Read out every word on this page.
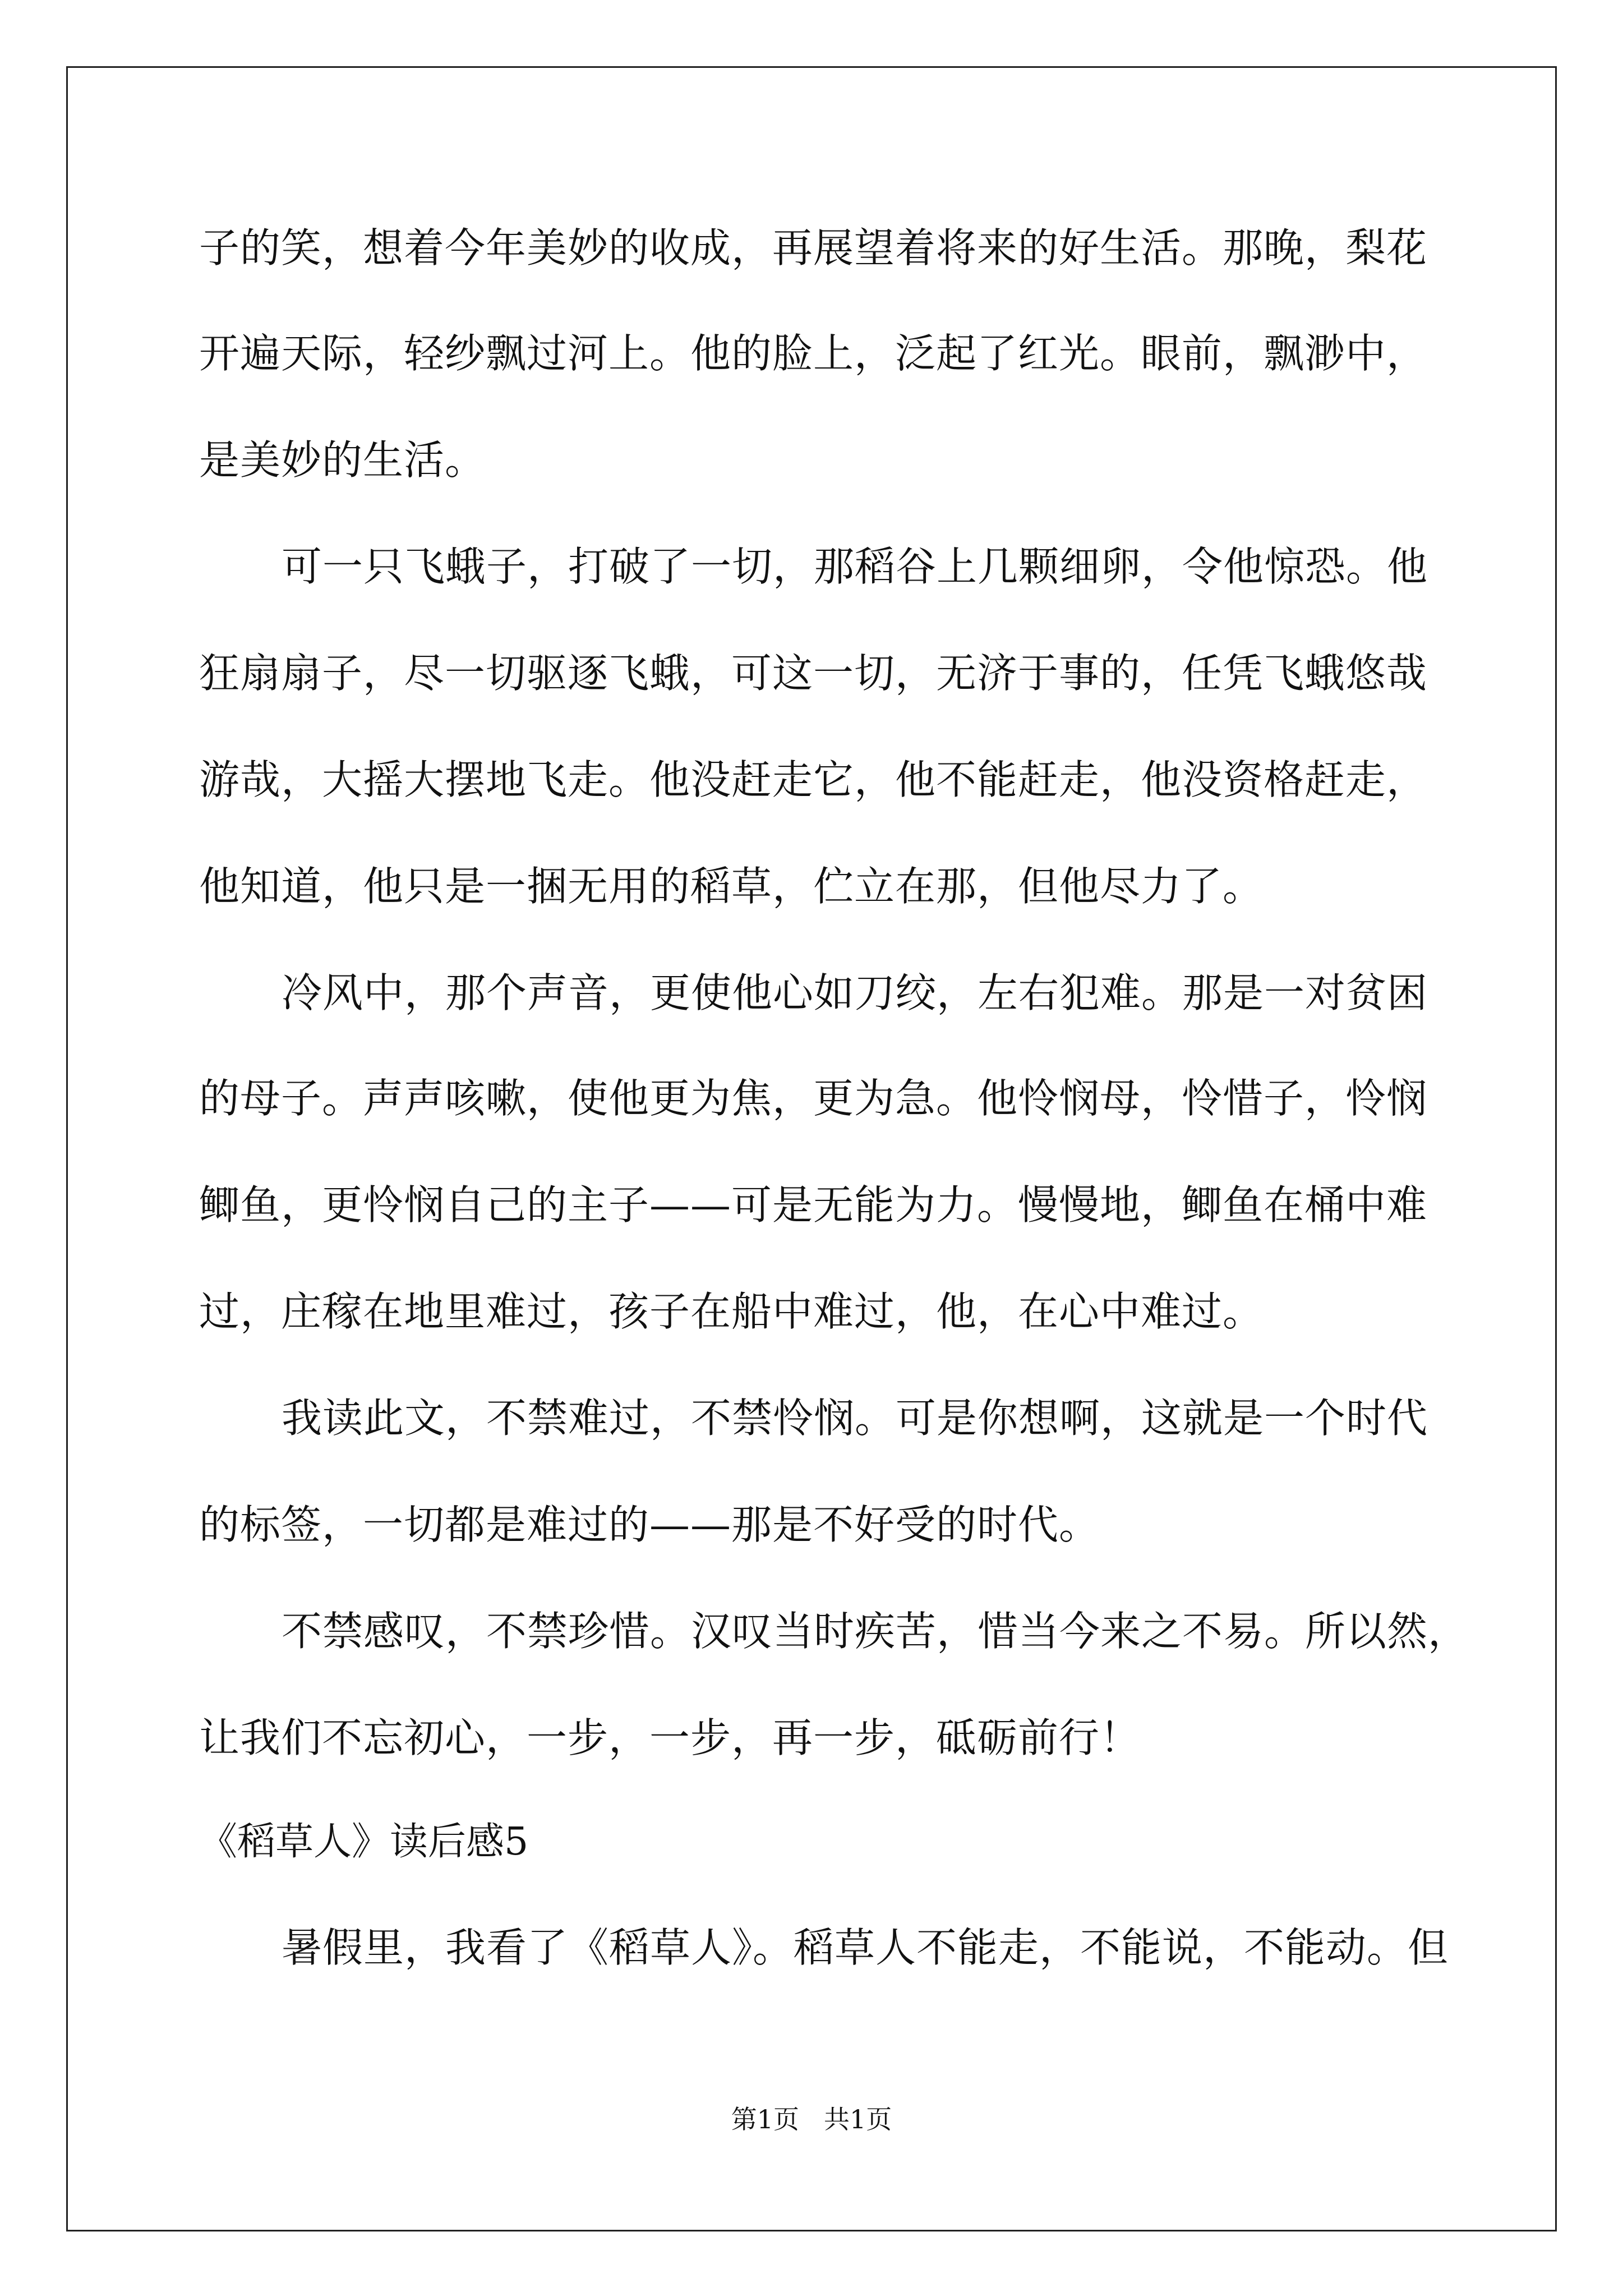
子的笑，想着今年美妙的收成，再展望着将来的好生活。那晚，梨花
开遍天际，轻纱飘过河上。他的脸上，泛起了红光。眼前，飘渺中，
是美妙的生活。
可一只飞蛾子，打破了一切，那稻谷上几颗细卵，令他惊恐。他
狂扇扇子，尽一切驱逐飞蛾，可这一切，无济于事的，任凭飞蛾悠哉
游哉，大摇大摆地飞走。他没赶走它，他不能赶走，他没资格赶走，
他知道，他只是一捆无用的稻草，伫立在那，但他尽力了。
冷风中，那个声音，更使他心如刀绞，左右犯难。那是一对贫困
的母子。声声咳嗽，使他更为焦，更为急。他怜悯母，怜惜子，怜悯
鲫鱼，更怜悯自己的主子——可是无能为力。慢慢地，鲫鱼在桶中难
过，庄稼在地里难过，孩子在船中难过，他，在心中难过。
我读此文，不禁难过，不禁怜悯。可是你想啊，这就是一个时代
的标签，一切都是难过的——那是不好受的时代。
不禁感叹，不禁珍惜。汉叹当时疾苦，惜当今来之不易。所以然，
让我们不忘初心，一步，一步，再一步，砥砺前行！
《稻草人》读后感5
暑假里，我看了《稻草人》。稻草人不能走，不能说，不能动。但
第1页 共1页
